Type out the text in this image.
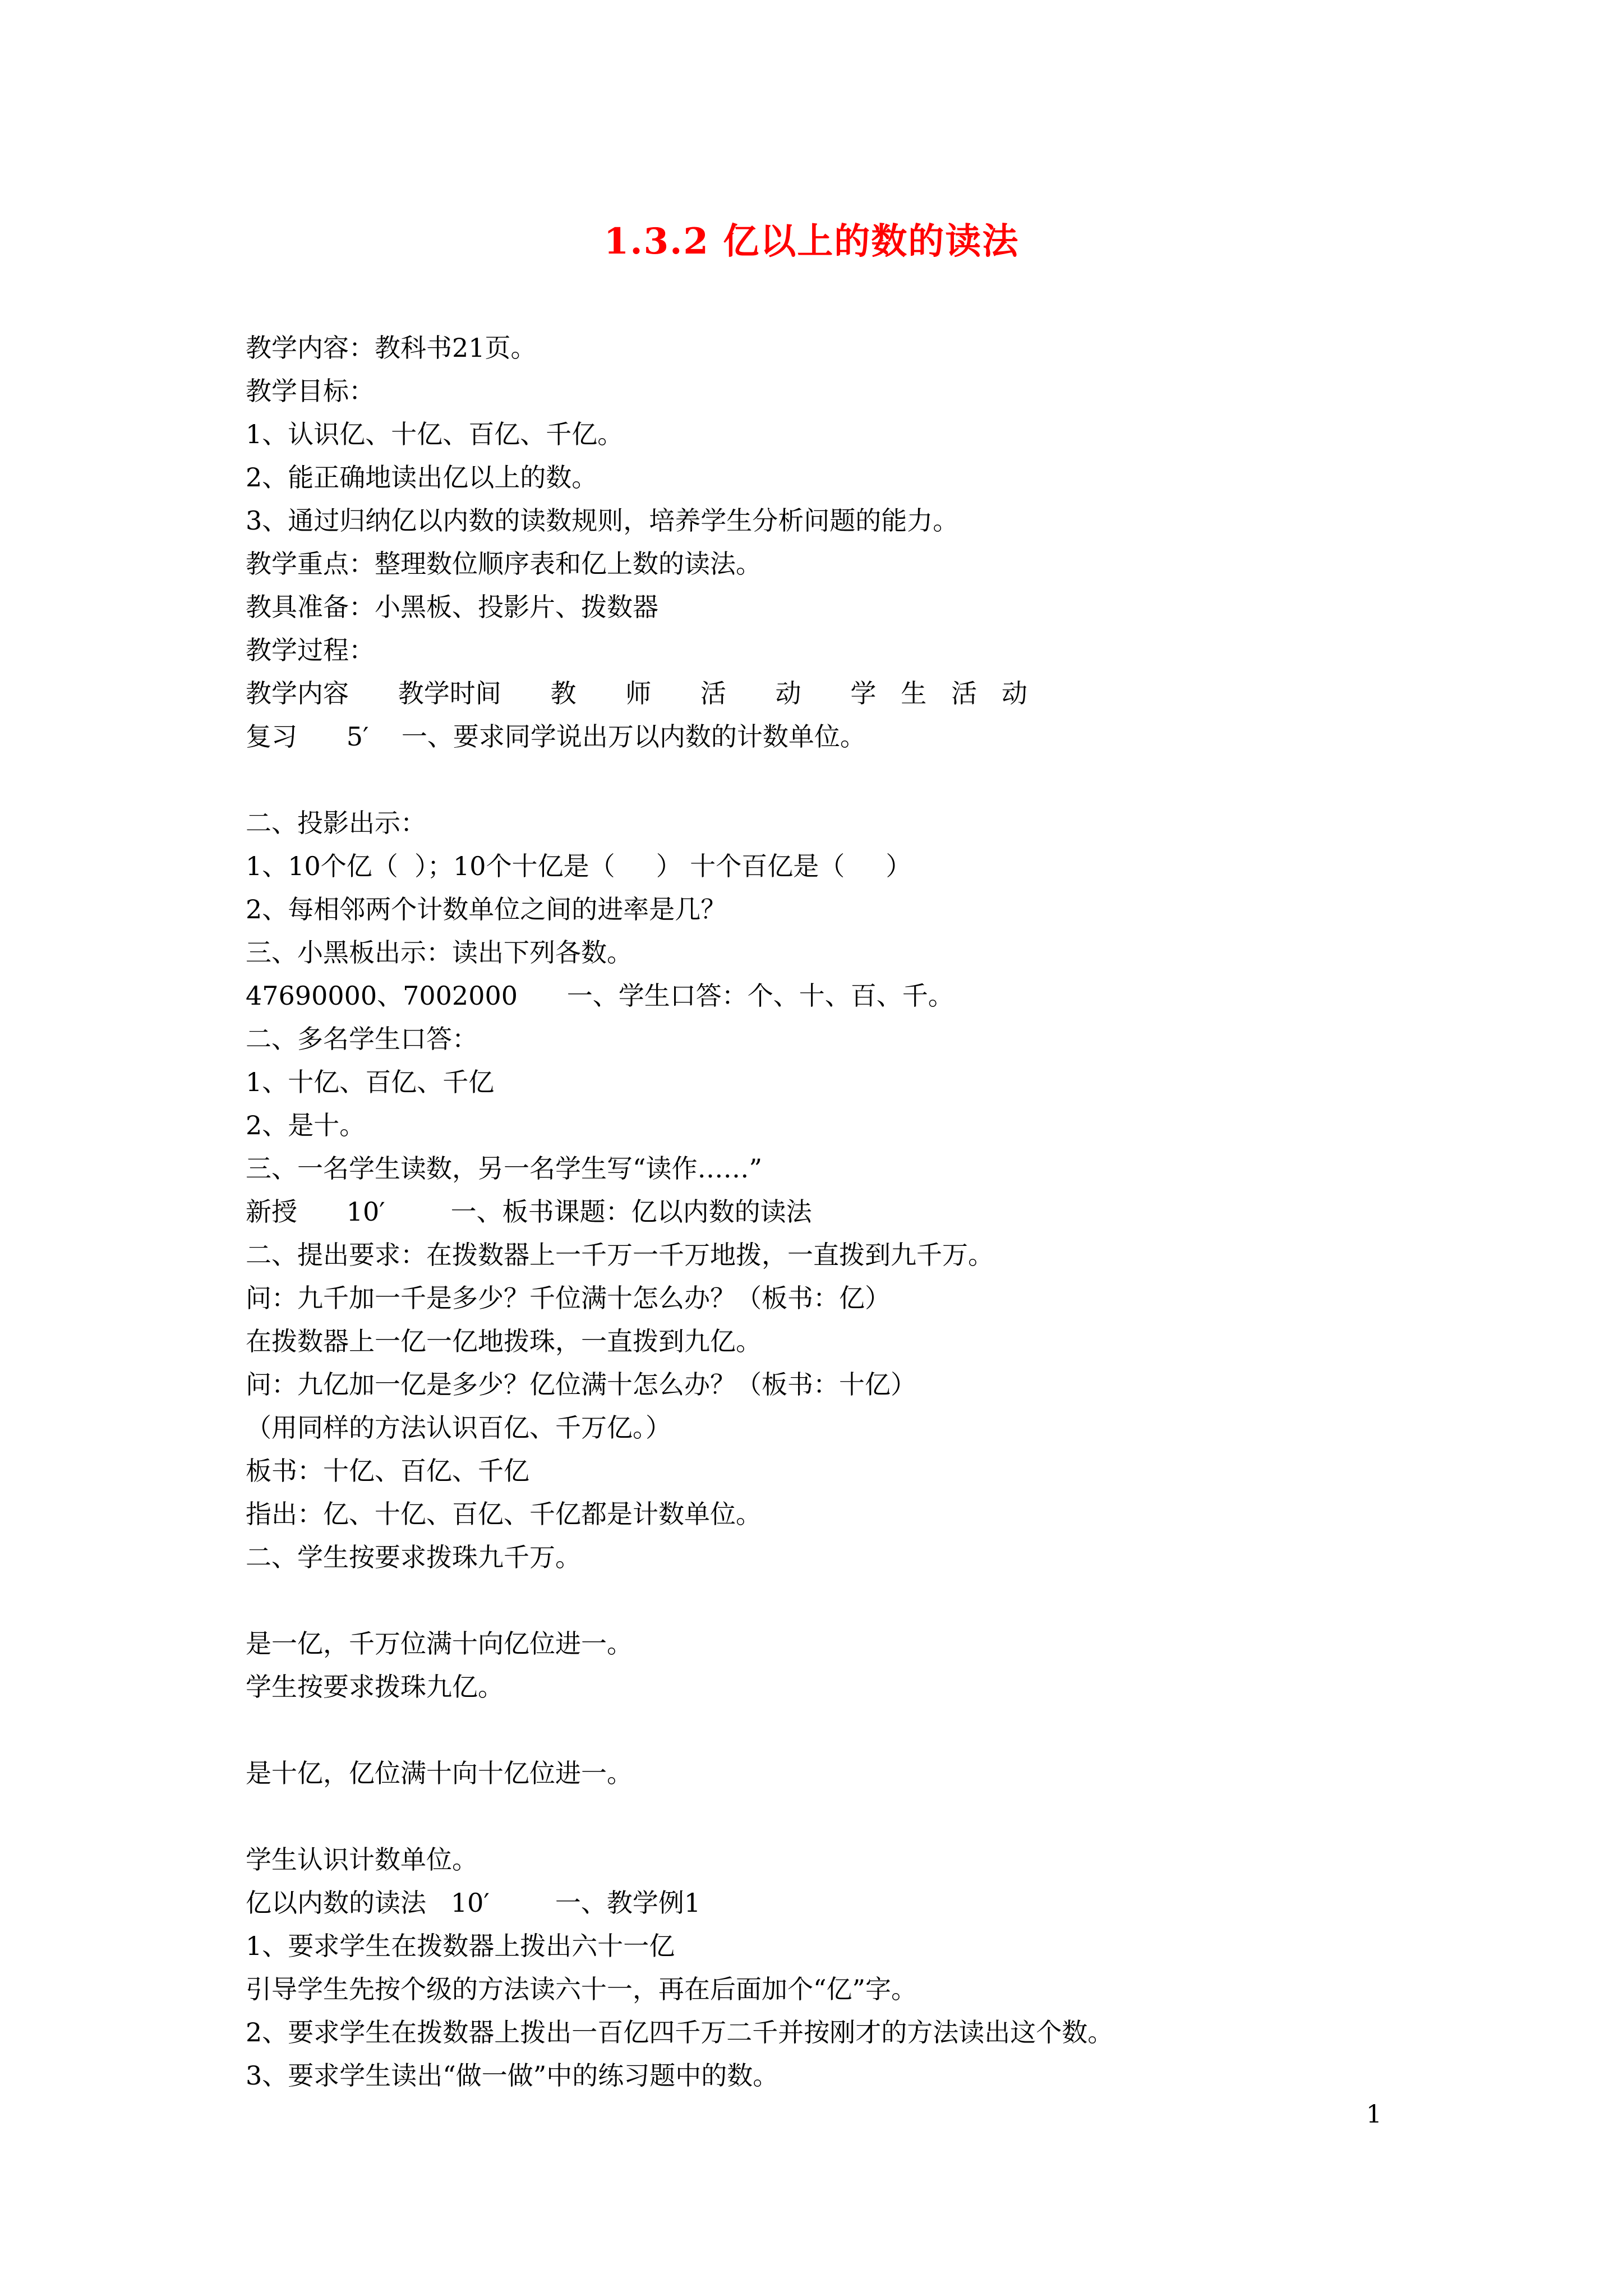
1.3.2 亿以上的数的读法
教学内容：教科书21页。
教学目标：
1、认识亿、十亿、百亿、千亿。
2、能正确地读出亿以上的数。
3、通过归纳亿以内数的读数规则，培养学生分析问题的能力。
教学重点：整理数位顺序表和亿上数的读法。
教具准备：小黑板、投影片、拨数器
教学过程：
教学内容      教学时间      教      师      活      动      学   生   活   动
复习      5′    一、要求同学说出万以内数的计数单位。
二、投影出示：
1、10个亿（  ）；10个十亿是（     ） 十个百亿是（     ）
2、每相邻两个计数单位之间的进率是几？
三、小黑板出示：读出下列各数。
47690000、7002000      一、学生口答：个、十、百、千。
二、多名学生口答：
1、十亿、百亿、千亿
2、是十。
三、一名学生读数，另一名学生写“读作……”
新授      10′        一、板书课题：亿以内数的读法
二、提出要求：在拨数器上一千万一千万地拨，一直拨到九千万。
问：九千加一千是多少？千位满十怎么办？（板书：亿）
在拨数器上一亿一亿地拨珠，一直拨到九亿。
问：九亿加一亿是多少？亿位满十怎么办？（板书：十亿）
（用同样的方法认识百亿、千万亿。）
板书：十亿、百亿、千亿
指出：亿、十亿、百亿、千亿都是计数单位。
二、学生按要求拨珠九千万。
是一亿，千万位满十向亿位进一。
学生按要求拨珠九亿。
是十亿，亿位满十向十亿位进一。
学生认识计数单位。
亿以内数的读法   10′        一、教学例1
1、要求学生在拨数器上拨出六十一亿
引导学生先按个级的方法读六十一，再在后面加个“亿”字。
2、要求学生在拨数器上拨出一百亿四千万二千并按刚才的方法读出这个数。
3、要求学生读出“做一做”中的练习题中的数。
1
